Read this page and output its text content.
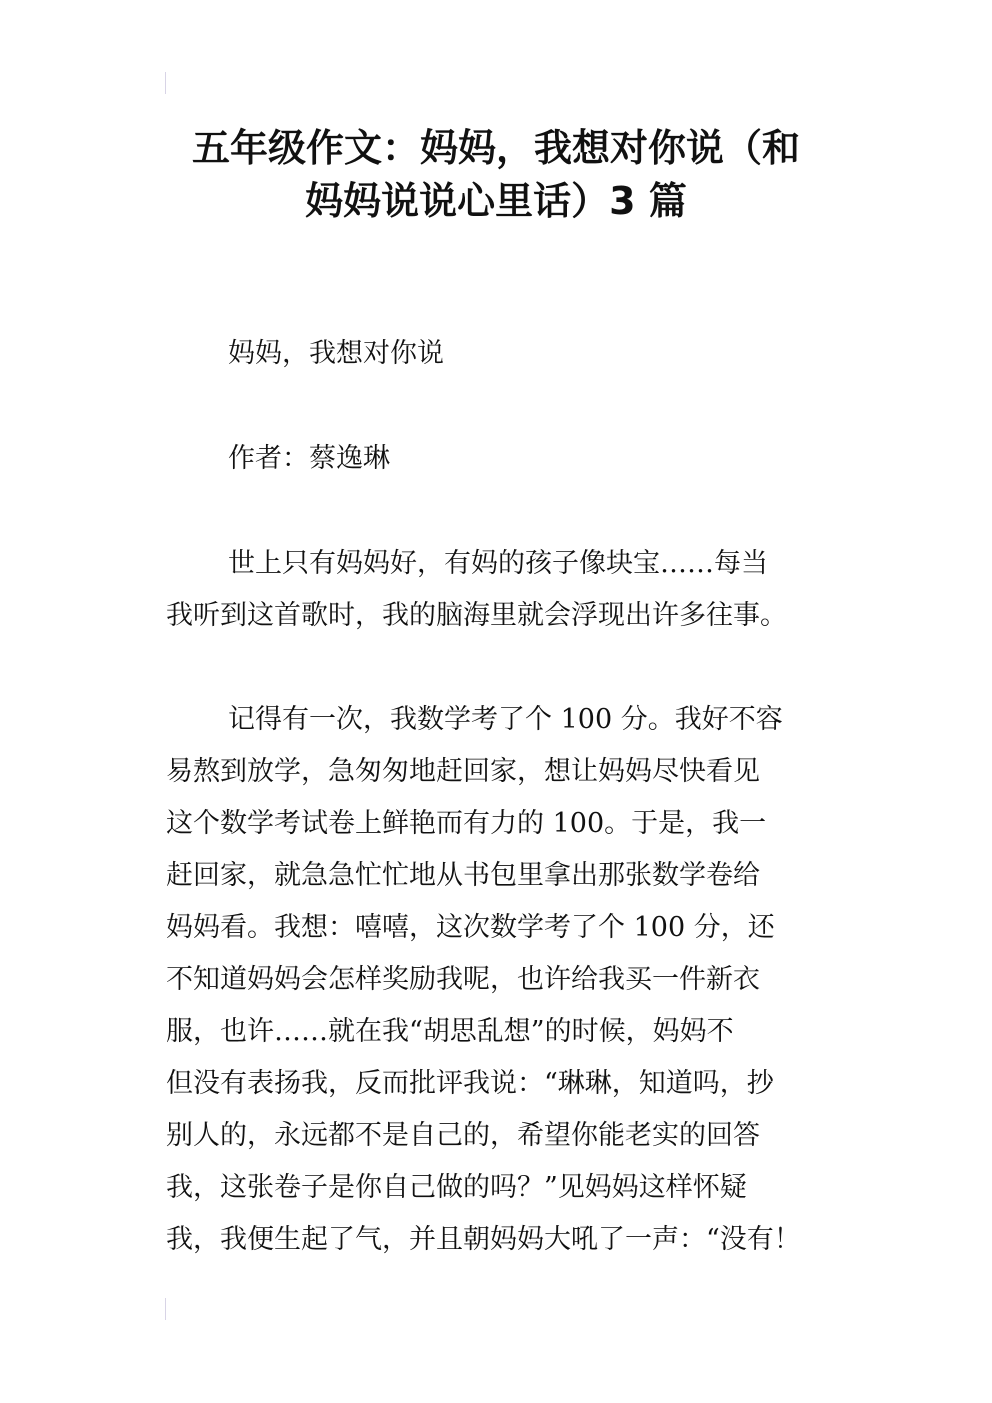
五年级作文：妈妈，我想对你说（和
妈妈说说心里话）3 篇
妈妈，我想对你说
作者：蔡逸琳
世上只有妈妈好，有妈的孩子像块宝……每当
我听到这首歌时，我的脑海里就会浮现出许多往事。
记得有一次，我数学考了个 100 分。我好不容
易熬到放学，急匆匆地赶回家，想让妈妈尽快看见
这个数学考试卷上鲜艳而有力的 100。于是，我一
赶回家，就急急忙忙地从书包里拿出那张数学卷给
妈妈看。我想：嘻嘻，这次数学考了个 100 分，还
不知道妈妈会怎样奖励我呢，也许给我买一件新衣
服，也许……就在我“胡思乱想”的时候，妈妈不
但没有表扬我，反而批评我说：“琳琳，知道吗，抄
别人的，永远都不是自己的，希望你能老实的回答
我，这张卷子是你自己做的吗？”见妈妈这样怀疑
我，我便生起了气，并且朝妈妈大吼了一声：“没有！
